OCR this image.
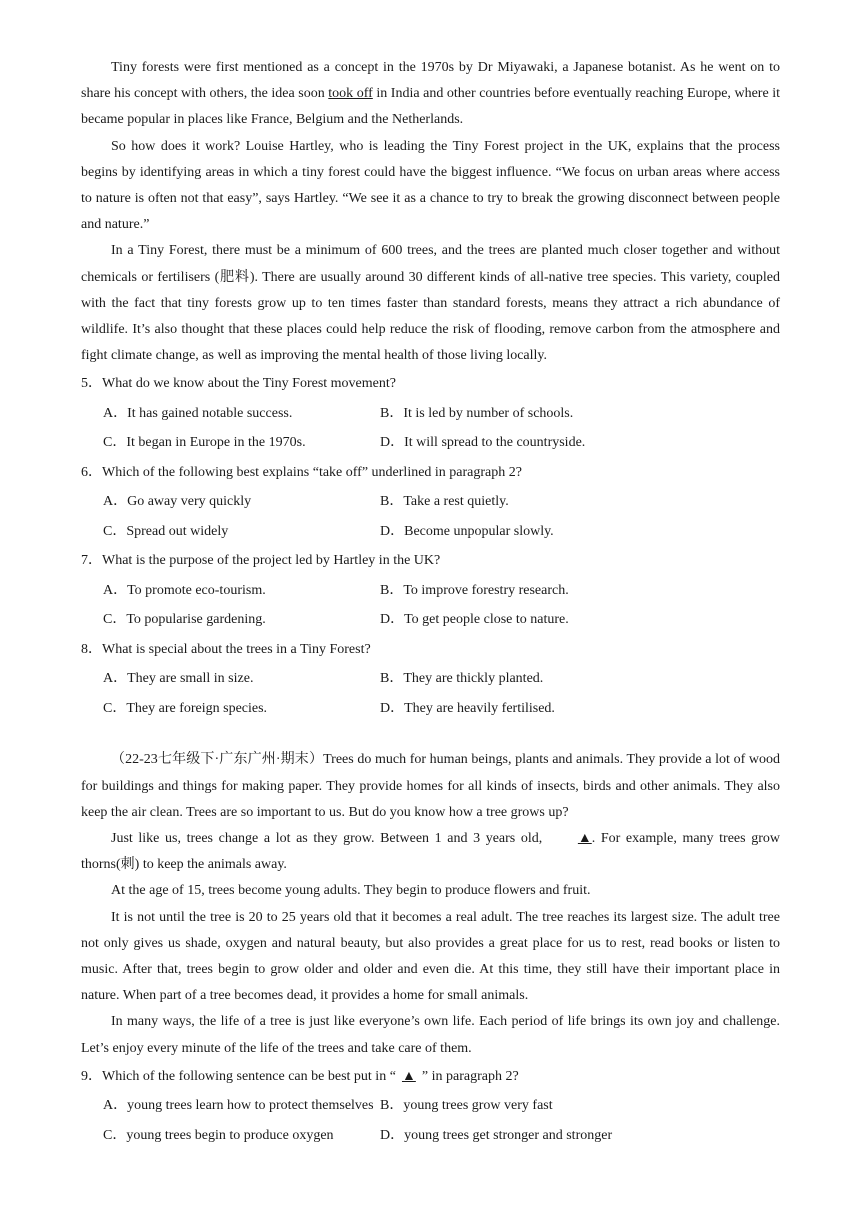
Tiny forests were first mentioned as a concept in the 1970s by Dr Miyawaki, a Japanese botanist. As he went on to share his concept with others, the idea soon took off in India and other countries before eventually reaching Europe, where it became popular in places like France, Belgium and the Netherlands.

So how does it work? Louise Hartley, who is leading the Tiny Forest project in the UK, explains that the process begins by identifying areas in which a tiny forest could have the biggest influence. “We focus on urban areas where access to nature is often not that easy”, says Hartley. “We see it as a chance to try to break the growing disconnect between people and nature.”

In a Tiny Forest, there must be a minimum of 600 trees, and the trees are planted much closer together and without chemicals or fertilisers (肥料). There are usually around 30 different kinds of all-native tree species. This variety, coupled with the fact that tiny forests grow up to ten times faster than standard forests, means they attract a rich abundance of wildlife. It’s also thought that these places could help reduce the risk of flooding, remove carbon from the atmosphere and fight climate change, as well as improving the mental health of those living locally.

5．What do we know about the Tiny Forest movement?
A．It has gained notable success.	B．It is led by number of schools.
C．It began in Europe in the 1970s.	D．It will spread to the countryside.
6．Which of the following best explains “take off” underlined in paragraph 2?
A．Go away very quickly	B．Take a rest quietly.
C．Spread out widely	D．Become unpopular slowly.
7．What is the purpose of the project led by Hartley in the UK?
A．To promote eco-tourism.	B．To improve forestry research.
C．To popularise gardening.	D．To get people close to nature.
8．What is special about the trees in a Tiny Forest?
A．They are small in size.	B．They are thickly planted.
C．They are foreign species.	D．They are heavily fertilised.

（22-23七年级下·广东广州·期末）Trees do much for human beings, plants and animals. They provide a lot of wood for buildings and things for making paper. They provide homes for all kinds of insects, birds and other animals. They also keep the air clean. Trees are so important to us. But do you know how a tree grows up?

Just like us, trees change a lot as they grow. Between 1 and 3 years old, ▲. For example, many trees grow thorns(刺) to keep the animals away.

At the age of 15, trees become young adults. They begin to produce flowers and fruit.

It is not until the tree is 20 to 25 years old that it becomes a real adult. The tree reaches its largest size. The adult tree not only gives us shade, oxygen and natural beauty, but also provides a great place for us to rest, read books or listen to music. After that, trees begin to grow older and older and even die. At this time, they still have their important place in nature. When part of a tree becomes dead, it provides a home for small animals.

In many ways, the life of a tree is just like everyone’s own life. Each period of life brings its own joy and challenge. Let’s enjoy every minute of the life of the trees and take care of them.

9．Which of the following sentence can be best put in “ ▲ ” in paragraph 2?
A．young trees learn how to protect themselves B．young trees grow very fast
C．young trees begin to produce oxygen	D．young trees get stronger and stronger
